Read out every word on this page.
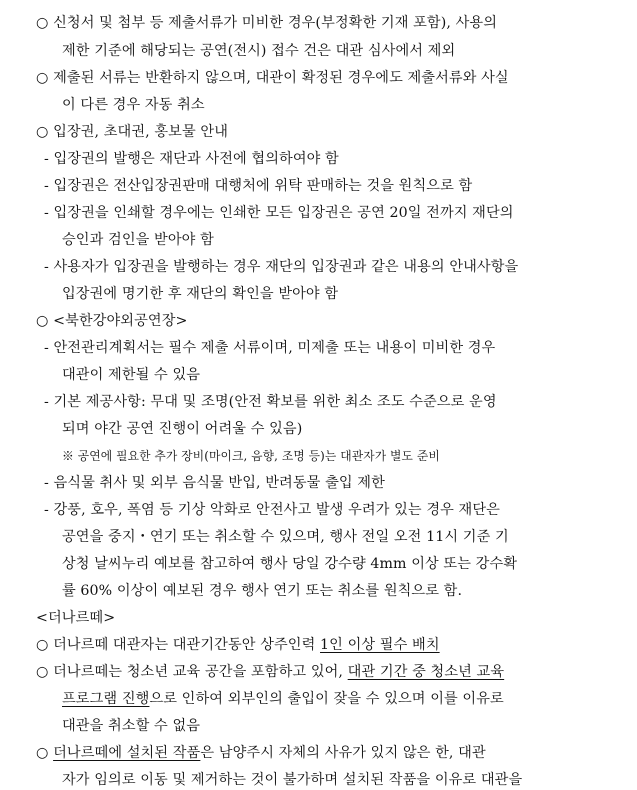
○ 신청서 및 첨부 등 제출서류가 미비한 경우(부정확한 기재 포함), 사용의
제한 기준에 해당되는 공연(전시) 접수 건은 대관 심사에서 제외
○ 제출된 서류는 반환하지 않으며, 대관이 확정된 경우에도 제출서류와 사실
이 다른 경우 자동 취소
○ 입장권, 초대권, 홍보물 안내
- 입장권의 발행은 재단과 사전에 협의하여야 함
- 입장권은 전산입장권판매 대행처에 위탁 판매하는 것을 원칙으로 함
- 입장권을 인쇄할 경우에는 인쇄한 모든 입장권은 공연 20일 전까지 재단의
승인과 검인을 받아야 함
- 사용자가 입장권을 발행하는 경우 재단의 입장권과 같은 내용의 안내사항을
입장권에 명기한 후 재단의 확인을 받아야 함
○ <북한강야외공연장>
- 안전관리계획서는 필수 제출 서류이며, 미제출 또는 내용이 미비한 경우
대관이 제한될 수 있음
- 기본 제공사항: 무대 및 조명(안전 확보를 위한 최소 조도 수준으로 운영
되며 야간 공연 진행이 어려울 수 있음)
※ 공연에 필요한 추가 장비(마이크, 음향, 조명 등)는 대관자가 별도 준비
- 음식물 취사 및 외부 음식물 반입, 반려동물 출입 제한
- 강풍, 호우, 폭염 등 기상 악화로 안전사고 발생 우려가 있는 경우 재단은
공연을 중지・연기 또는 취소할 수 있으며, 행사 전일 오전 11시 기준 기
상청 날씨누리 예보를 참고하여 행사 당일 강수량 4mm 이상 또는 강수확
률 60% 이상이 예보된 경우 행사 연기 또는 취소를 원칙으로 함.
<더나르떼>
○ 더나르떼 대관자는 대관기간동안 상주인력 1인 이상 필수 배치
○ 더나르떼는 청소년 교육 공간을 포함하고 있어, 대관 기간 중 청소년 교육
프로그램 진행으로 인하여 외부인의 출입이 잦을 수 있으며 이를 이유로
대관을 취소할 수 없음
○ 더나르떼에 설치된 작품은 남양주시 자체의 사유가 있지 않은 한, 대관
자가 임의로 이동 및 제거하는 것이 불가하며 설치된 작품을 이유로 대관을
